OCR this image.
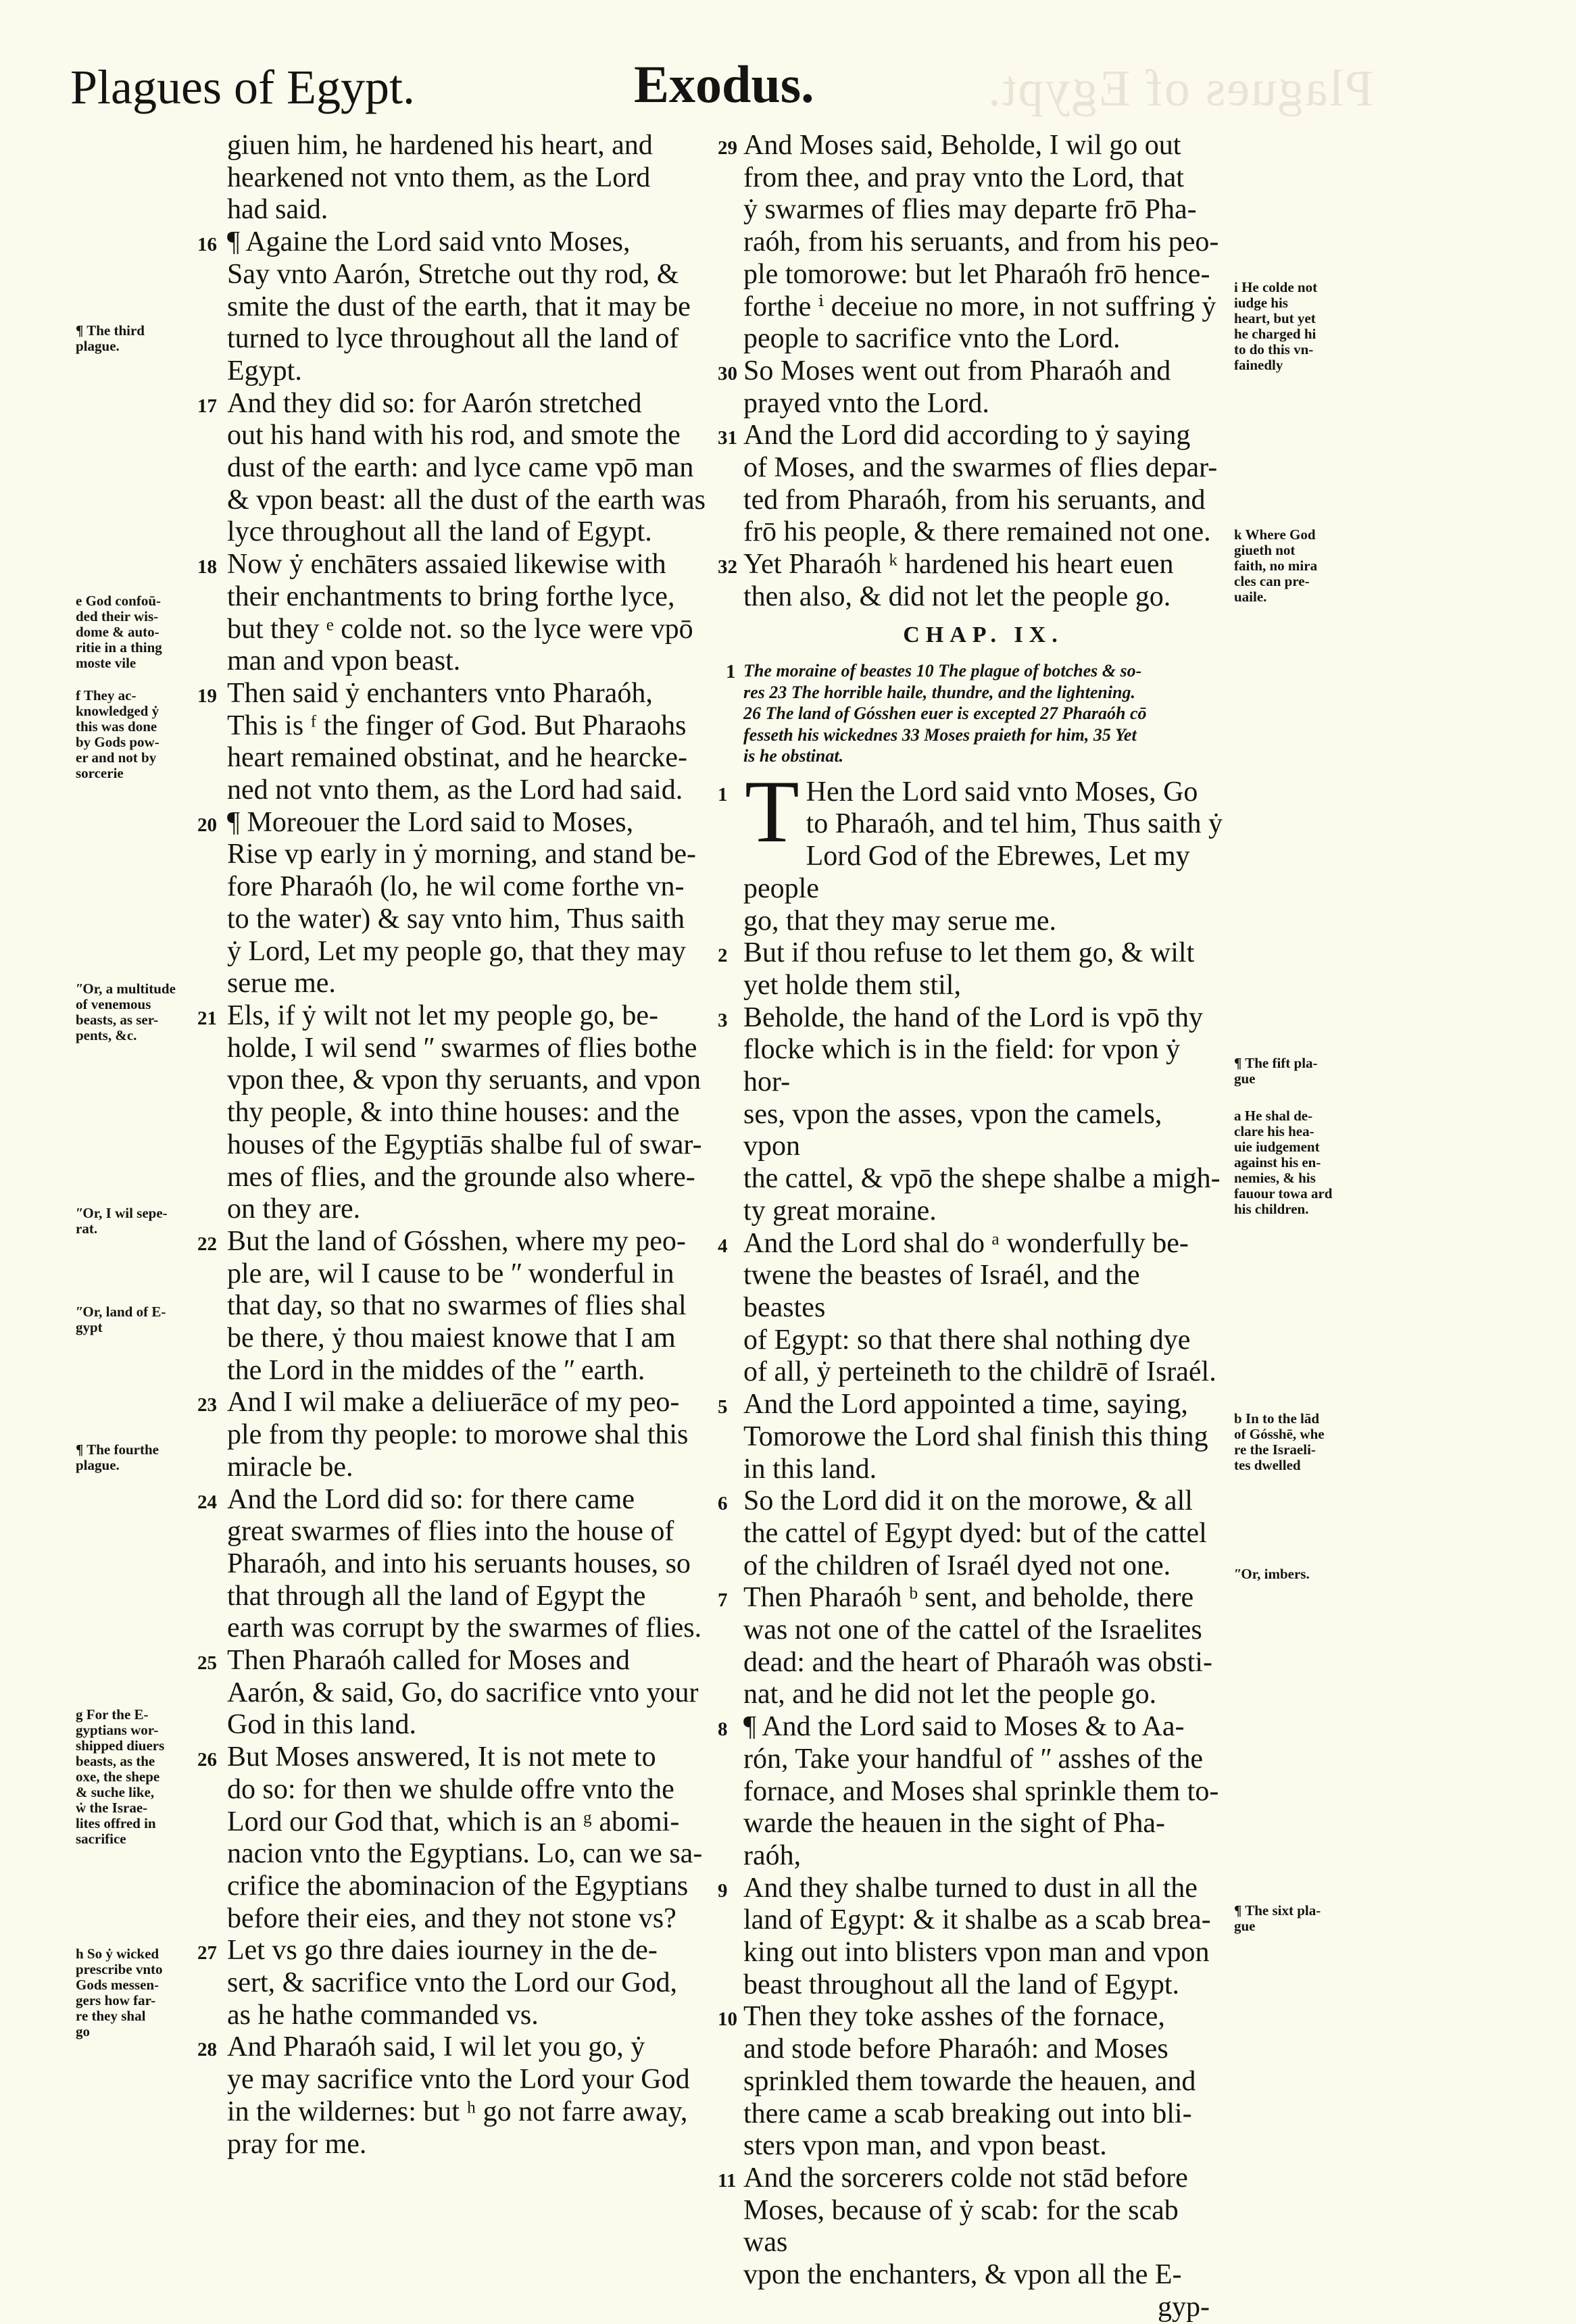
Plagues of Egypt.
Plagues of Egypt.	Exodus.
giuen him, he hardened his heart, and
hearkened not vnto them, as the Lord
had said.
16 ¶ Againe the Lord said vnto Moses,
Say vnto Aarón, Stretche out thy rod, &
smite the dust of the earth, that it may be
turned to lyce throughout all the land of
Egypt.
17 And they did so: for Aarón stretched
out his hand with his rod, and smote the
dust of the earth: and lyce came vpō man
& vpon beast: all the dust of the earth was
lyce throughout all the land of Egypt.
18 Now ẏ enchāters assaied likewise with
their enchantments to bring forthe lyce,
but they ᵉ colde not. so the lyce were vpō
man and vpon beast.
19 Then said ẏ enchanters vnto Pharaóh,
This is ᶠ the finger of God. But Pharaohs
heart remained obstinat, and he hearcke-
ned not vnto them, as the Lord had said.
20 ¶ Moreouer the Lord said to Moses,
Rise vp early in ẏ morning, and stand be-
fore Pharaóh (lo, he wil come forthe vn-
to the water) & say vnto him, Thus saith
ẏ Lord, Let my people go, that they may
serue me.
21 Els, if ẏ wilt not let my people go, be-
holde, I wil send ʺ swarmes of flies bothe
vpon thee, & vpon thy seruants, and vpon
thy people, & into thine houses: and the
houses of the Egyptiās shalbe ful of swar-
mes of flies, and the grounde also where-
on they are.
22 But the land of Gósshen, where my peo-
ple are, wil I cause to be ʺ wonderful in
that day, so that no swarmes of flies shal
be there, ẏ thou maiest knowe that I am
the Lord in the middes of the ʺ earth.
23 And I wil make a deliuerāce of my peo-
ple from thy people: to morowe shal this
miracle be.
24 And the Lord did so: for there came
great swarmes of flies into the house of
Pharaóh, and into his seruants houses, so
that through all the land of Egypt the
earth was corrupt by the swarmes of flies.
25 Then Pharaóh called for Moses and
Aarón, & said, Go, do sacrifice vnto your
God in this land.
26 But Moses answered, It is not mete to
do so: for then we shulde offre vnto the
Lord our God that, which is an ᵍ abomi-
nacion vnto the Egyptians. Lo, can we sa-
crifice the abominacion of the Egyptians
before their eies, and they not stone vs?
27 Let vs go thre daies iourney in the de-
sert, & sacrifice vnto the Lord our God,
as he hathe commanded vs.
28 And Pharaóh said, I wil let you go, ẏ
ye may sacrifice vnto the Lord your God
in the wildernes: but ʰ go not farre away,
pray for me.
29 And Moses said, Beholde, I wil go out
from thee, and pray vnto the Lord, that
ẏ swarmes of flies may departe frō Pha-
raóh, from his seruants, and from his peo-
ple tomorowe: but let Pharaóh frō hence-
forthe ⁱ deceiue no more, in not suffring ẏ
people to sacrifice vnto the Lord.
30 So Moses went out from Pharaóh and
prayed vnto the Lord.
31 And the Lord did according to ẏ saying
of Moses, and the swarmes of flies depar-
ted from Pharaóh, from his seruants, and
frō his people, & there remained not one.
32 Yet Pharaóh ᵏ hardened his heart euen
then also, & did not let the people go.
CHAP. IX.
1 The moraine of beastes 10 The plague of botches & so-
res 23 The horrible haile, thundre, and the lightening.
26 The land of Gósshen euer is excepted 27 Pharaóh cō
fesseth his wickednes 33 Moses praieth for him, 35 Yet
is he obstinat.
1 T Hen the Lord said vnto Moses, Go
to Pharaóh, and tel him, Thus saith ẏ
Lord God of the Ebrewes, Let my people
go, that they may serue me.
2 But if thou refuse to let them go, & wilt
yet holde them stil,
3 Beholde, the hand of the Lord is vpō thy
flocke which is in the field: for vpon ẏ hor-
ses, vpon the asses, vpon the camels, vpon
the cattel, & vpō the shepe shalbe a migh-
ty great moraine.
4 And the Lord shal do ᵃ wonderfully be-
twene the beastes of Israél, and the beastes
of Egypt: so that there shal nothing dye
of all, ẏ perteineth to the childrē of Israél.
5 And the Lord appointed a time, saying,
Tomorowe the Lord shal finish this thing
in this land.
6 So the Lord did it on the morowe, & all
the cattel of Egypt dyed: but of the cattel
of the children of Israél dyed not one.
7 Then Pharaóh ᵇ sent, and beholde, there
was not one of the cattel of the Israelites
dead: and the heart of Pharaóh was obsti-
nat, and he did not let the people go.
8 ¶ And the Lord said to Moses & to Aa-
rón, Take your handful of ʺ asshes of the
fornace, and Moses shal sprinkle them to-
warde the heauen in the sight of Pha-
raóh,
9 And they shalbe turned to dust in all the
land of Egypt: & it shalbe as a scab brea-
king out into blisters vpon man and vpon
beast throughout all the land of Egypt.
10 Then they toke asshes of the fornace,
and stode before Pharaóh: and Moses
sprinkled them towarde the heauen, and
there came a scab breaking out into bli-
sters vpon man, and vpon beast.
11 And the sorcerers colde not stād before
Moses, because of ẏ scab: for the scab was
vpon the enchanters, & vpon all the E-
gyp-
¶ The third
plague.
e God confoū-
ded their wis-
dome & auto-
ritie in a thing
moste vile
f They ac-
knowledged ẏ
this was done
by Gods pow-
er and not by
sorcerie
ʺOr, a multitude
of venemous
beasts, as ser-
pents, &c.
ʺOr, I wil sepe-
rat.
ʺOr, land of E-
gypt
¶ The fourthe
plague.
g For the E-
gyptians wor-
shipped diuers
beasts, as the
oxe, the shepe
& suche like,
ẇ the Israe-
lites offred in
sacrifice
h So ẏ wicked
prescribe vnto
Gods messen-
gers how far-
re they shal
go
i He colde not
iudge his
heart, but yet
he charged hi
to do this vn-
fainedly
k Where God
giueth not
faith, no mira
cles can pre-
uaile.
¶ The fift pla-
gue
a He shal de-
clare his hea-
uie iudgement
against his en-
nemies, & his
fauour towa ard
his children.
b In to the lād
of Gósshē, whe
re the Israeli-
tes dwelled
ʺOr, imbers.
¶ The sixt pla-
gue
